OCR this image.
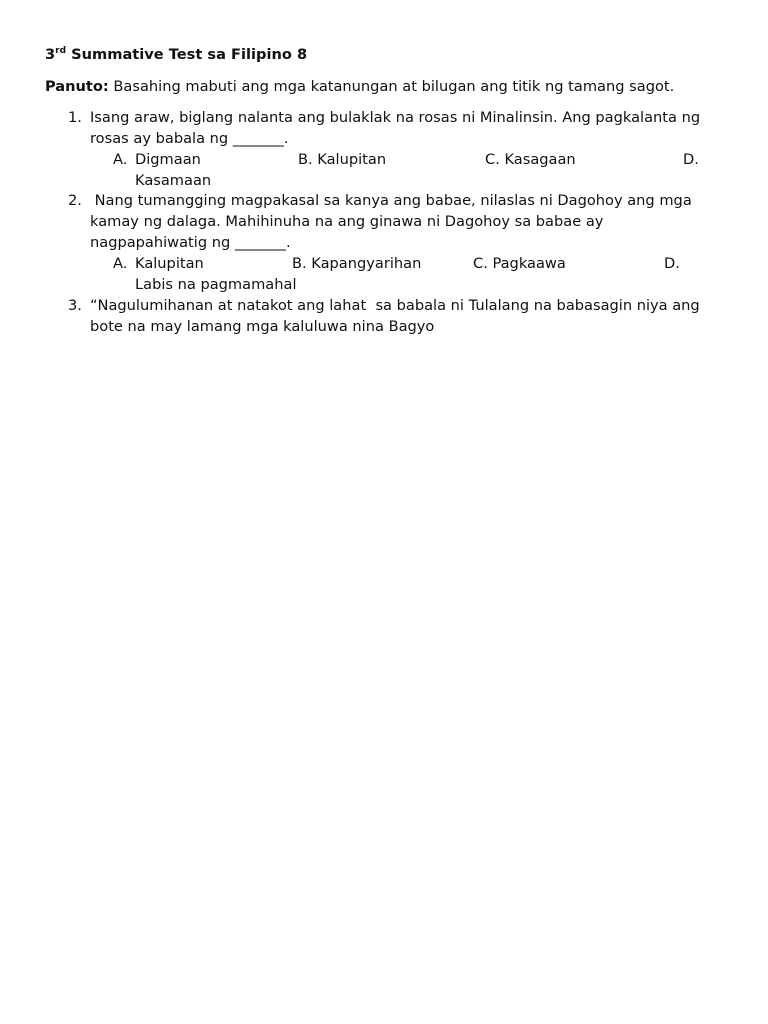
3rd Summative Test sa Filipino 8
Panuto: Basahing mabuti ang mga katanungan at bilugan ang titik ng tamang sagot.
1. Isang araw, biglang nalanta ang bulaklak na rosas ni Minalinsin. Ang pagkalanta ng
rosas ay babala ng _______.
A. Digmaan	B. Kalupitan	C. Kasagaan	D.
Kasamaan
2. Nang tumangging magpakasal sa kanya ang babae, nilaslas ni Dagohoy ang mga
kamay ng dalaga. Mahihinuha na ang ginawa ni Dagohoy sa babae ay
nagpapahiwatig ng _______.
A. Kalupitan	B. Kapangyarihan	C. Pagkaawa	D.
Labis na pagmamahal
3. “Nagulumihanan at natakot ang lahat  sa babala ni Tulalang na babasagin niya ang
bote na may lamang mga kaluluwa nina Bagyo
